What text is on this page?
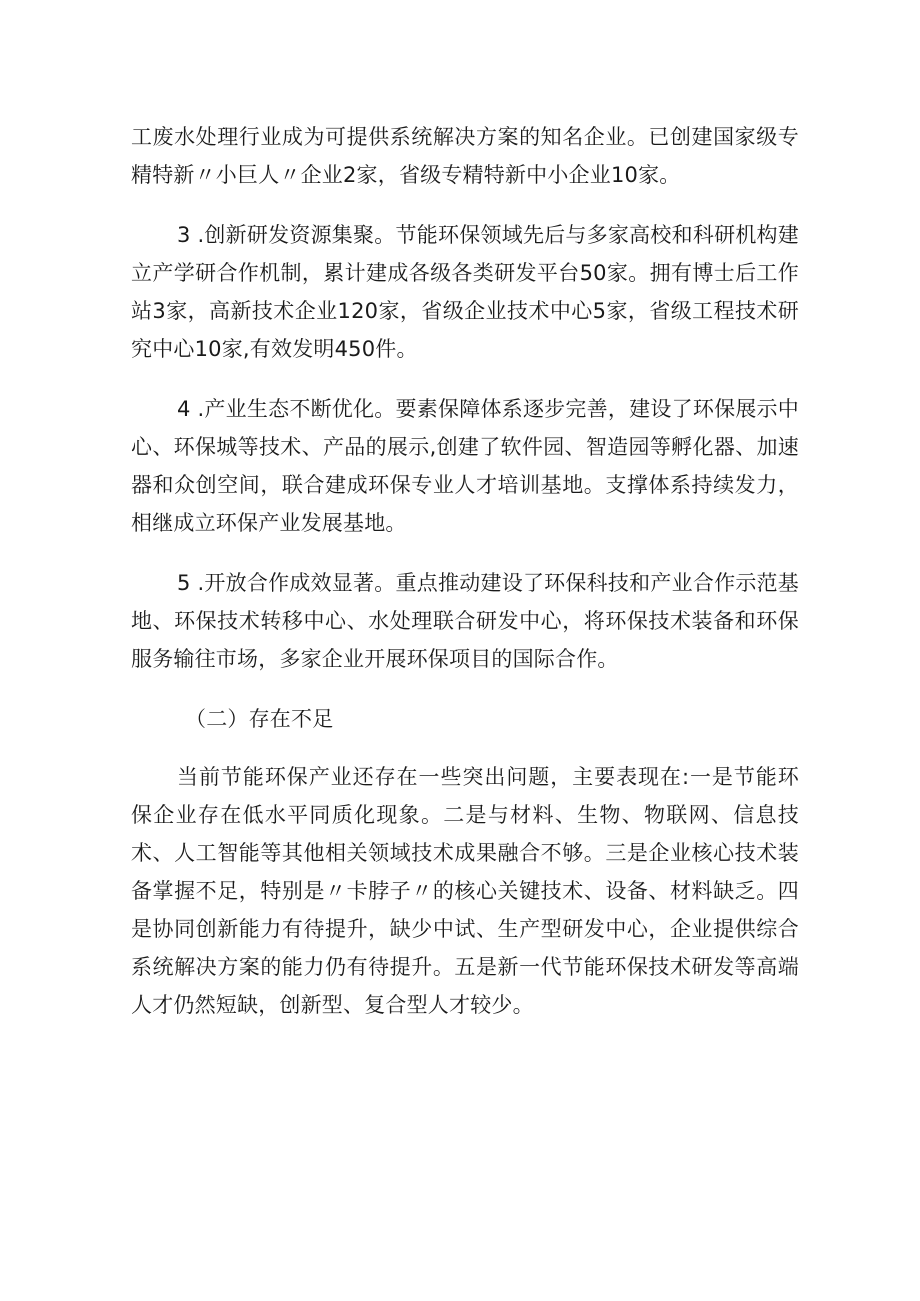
工废水处理行业成为可提供系统解决方案的知名企业。已创建国家级专精特新〃小巨人〃企业2家，省级专精特新中小企业10家。

3 .创新研发资源集聚。节能环保领域先后与多家高校和科研机构建立产学研合作机制，累计建成各级各类研发平台50家。拥有博士后工作站3家，高新技术企业120家，省级企业技术中心5家，省级工程技术研究中心10家,有效发明450件。

4 .产业生态不断优化。要素保障体系逐步完善，建设了环保展示中心、环保城等技术、产品的展示,创建了软件园、智造园等孵化器、加速器和众创空间，联合建成环保专业人才培训基地。支撑体系持续发力，相继成立环保产业发展基地。

5 .开放合作成效显著。重点推动建设了环保科技和产业合作示范基地、环保技术转移中心、水处理联合研发中心，将环保技术装备和环保服务输往市场，多家企业开展环保项目的国际合作。

（二）存在不足

当前节能环保产业还存在一些突出问题，主要表现在:一是节能环保企业存在低水平同质化现象。二是与材料、生物、物联网、信息技术、人工智能等其他相关领域技术成果融合不够。三是企业核心技术装备掌握不足，特别是〃卡脖子〃的核心关键技术、设备、材料缺乏。四是协同创新能力有待提升，缺少中试、生产型研发中心，企业提供综合系统解决方案的能力仍有待提升。五是新一代节能环保技术研发等高端人才仍然短缺，创新型、复合型人才较少。
